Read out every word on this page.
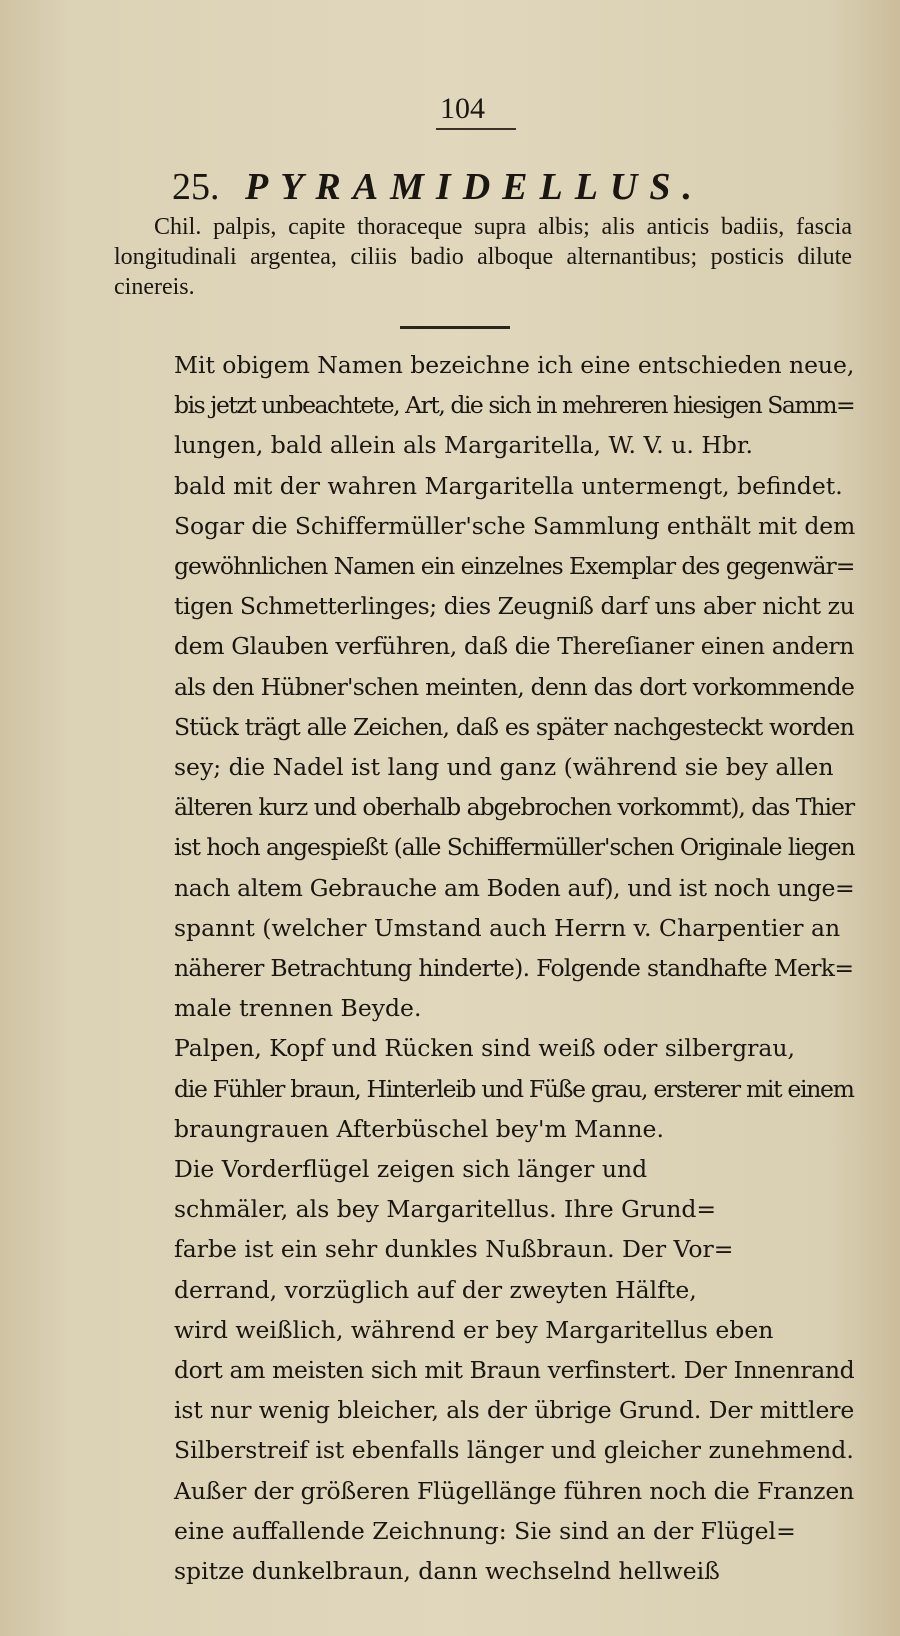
104
25. PYRAMIDELLUS.
Chil. palpis, capite thoraceque supra albis; alis anticis badiis, fascia longitudinali argentea, ciliis badio alboque alternantibus; posticis dilute cinereis.

Mit obigem Namen bezeichne ich eine entschieden neue,
bis jetzt unbeachtete, Art, die sich in mehreren hiesigen Samm=
lungen, bald allein als Margaritella, W. V. u. Hbr.
bald mit der wahren Margaritella untermengt, befindet.
Sogar die Schiffermüller'sche Sammlung enthält mit dem
gewöhnlichen Namen ein einzelnes Exemplar des gegenwär=
tigen Schmetterlinges; dies Zeugniß darf uns aber nicht zu
dem Glauben verführen, daß die Thereſianer einen andern
als den Hübner'schen meinten, denn das dort vorkommende
Stück trägt alle Zeichen, daß es später nachgesteckt worden
sey; die Nadel ist lang und ganz (während sie bey allen
älteren kurz und oberhalb abgebrochen vorkommt), das Thier
ist hoch angespießt (alle Schiffermüller'schen Originale liegen
nach altem Gebrauche am Boden auf), und ist noch unge=
spannt (welcher Umstand auch Herrn v. Charpentier an
näherer Betrachtung hinderte). Folgende standhafte Merk=
male trennen Beyde.

Palpen, Kopf und Rücken sind weiß oder silbergrau,
die Fühler braun, Hinterleib und Füße grau, ersterer mit einem
braungrauen Afterbüschel bey'm Manne.

Die Vorderflügel zeigen sich länger und
schmäler, als bey Margaritellus. Ihre Grund=
farbe ist ein sehr dunkles Nußbraun. Der Vor=
derrand, vorzüglich auf der zweyten Hälfte,
wird weißlich, während er bey Margaritellus eben
dort am meisten sich mit Braun verfinstert. Der Innenrand
ist nur wenig bleicher, als der übrige Grund. Der mittlere
Silberstreif ist ebenfalls länger und gleicher zunehmend.
Außer der größeren Flügellänge führen noch die Franzen
eine auffallende Zeichnung: Sie sind an der Flügel=
spitze dunkelbraun, dann wechselnd hellweiß
